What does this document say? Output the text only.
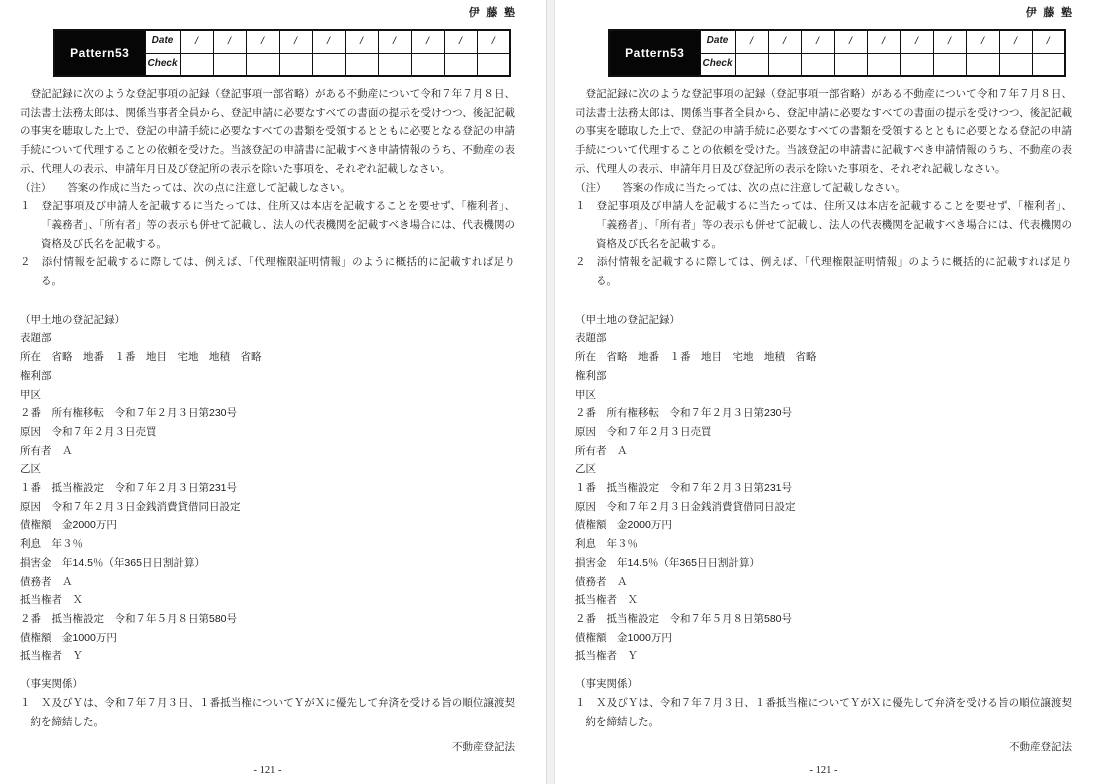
伊藤塾
Pattern53	Date	/	/	/	/	/	/	/	/	/	/
	Check										

登記記録に次のような登記事項の記録（登記事項一部省略）がある不動産について令和７年７月８日、司法書士法務太郎は、関係当事者全員から、登記申請に必要なすべての書面の提示を受けつつ、後記記載の事実を聴取した上で、登記の申請手続に必要なすべての書類を受領するとともに必要となる登記の申請手続について代理することの依頼を受けた。当該登記の申請書に記載すべき申請情報のうち、不動産の表示、代理人の表示、申請年月日及び登記所の表示を除いた事項を、それぞれ記載しなさい。

（注）　　答案の作成に当たっては、次の点に注意して記載しなさい。
１　登記事項及び申請人を記載するに当たっては、住所又は本店を記載することを要せず、「権利者」、「義務者」、「所有者」等の表示も併せて記載し、法人の代表機関を記載すべき場合には、代表機関の資格及び氏名を記載する。
２　添付情報を記載するに際しては、例えば、「代理権限証明情報」のように概括的に記載すれば足りる。
（甲土地の登記記録）
表題部
所在　省略　地番　１番　地目　宅地　地積　省略
権利部
甲区
２番　所有権移転　令和７年２月３日第230号
原因　令和７年２月３日売買
所有者　Ａ
乙区
１番　抵当権設定　令和７年２月３日第231号
原因　令和７年２月３日金銭消費貸借同日設定
債権額　金2000万円
利息　年３％
損害金　年14.5％（年365日日割計算）
債務者　Ａ
抵当権者　Ｘ
２番　抵当権設定　令和７年５月８日第580号
債権額　金1000万円
抵当権者　Ｙ
（事実関係）
１　Ｘ及びＹは、令和７年７月３日、１番抵当権についてＹがＸに優先して弁済を受ける旨の順位譲渡契約を締結した。
不動産登記法
- 121 -
伊藤塾
Pattern53	Date	/	/	/	/	/	/	/	/	/	/
	Check										

登記記録に次のような登記事項の記録（登記事項一部省略）がある不動産について令和７年７月８日、司法書士法務太郎は、関係当事者全員から、登記申請に必要なすべての書面の提示を受けつつ、後記記載の事実を聴取した上で、登記の申請手続に必要なすべての書類を受領するとともに必要となる登記の申請手続について代理することの依頼を受けた。当該登記の申請書に記載すべき申請情報のうち、不動産の表示、代理人の表示、申請年月日及び登記所の表示を除いた事項を、それぞれ記載しなさい。

（注）　　答案の作成に当たっては、次の点に注意して記載しなさい。
１　登記事項及び申請人を記載するに当たっては、住所又は本店を記載することを要せず、「権利者」、「義務者」、「所有者」等の表示も併せて記載し、法人の代表機関を記載すべき場合には、代表機関の資格及び氏名を記載する。
２　添付情報を記載するに際しては、例えば、「代理権限証明情報」のように概括的に記載すれば足りる。
（甲土地の登記記録）
表題部
所在　省略　地番　１番　地目　宅地　地積　省略
権利部
甲区
２番　所有権移転　令和７年２月３日第230号
原因　令和７年２月３日売買
所有者　Ａ
乙区
１番　抵当権設定　令和７年２月３日第231号
原因　令和７年２月３日金銭消費貸借同日設定
債権額　金2000万円
利息　年３％
損害金　年14.5％（年365日日割計算）
債務者　Ａ
抵当権者　Ｘ
２番　抵当権設定　令和７年５月８日第580号
債権額　金1000万円
抵当権者　Ｙ
（事実関係）
１　Ｘ及びＹは、令和７年７月３日、１番抵当権についてＹがＸに優先して弁済を受ける旨の順位譲渡契約を締結した。
不動産登記法
- 121 -
